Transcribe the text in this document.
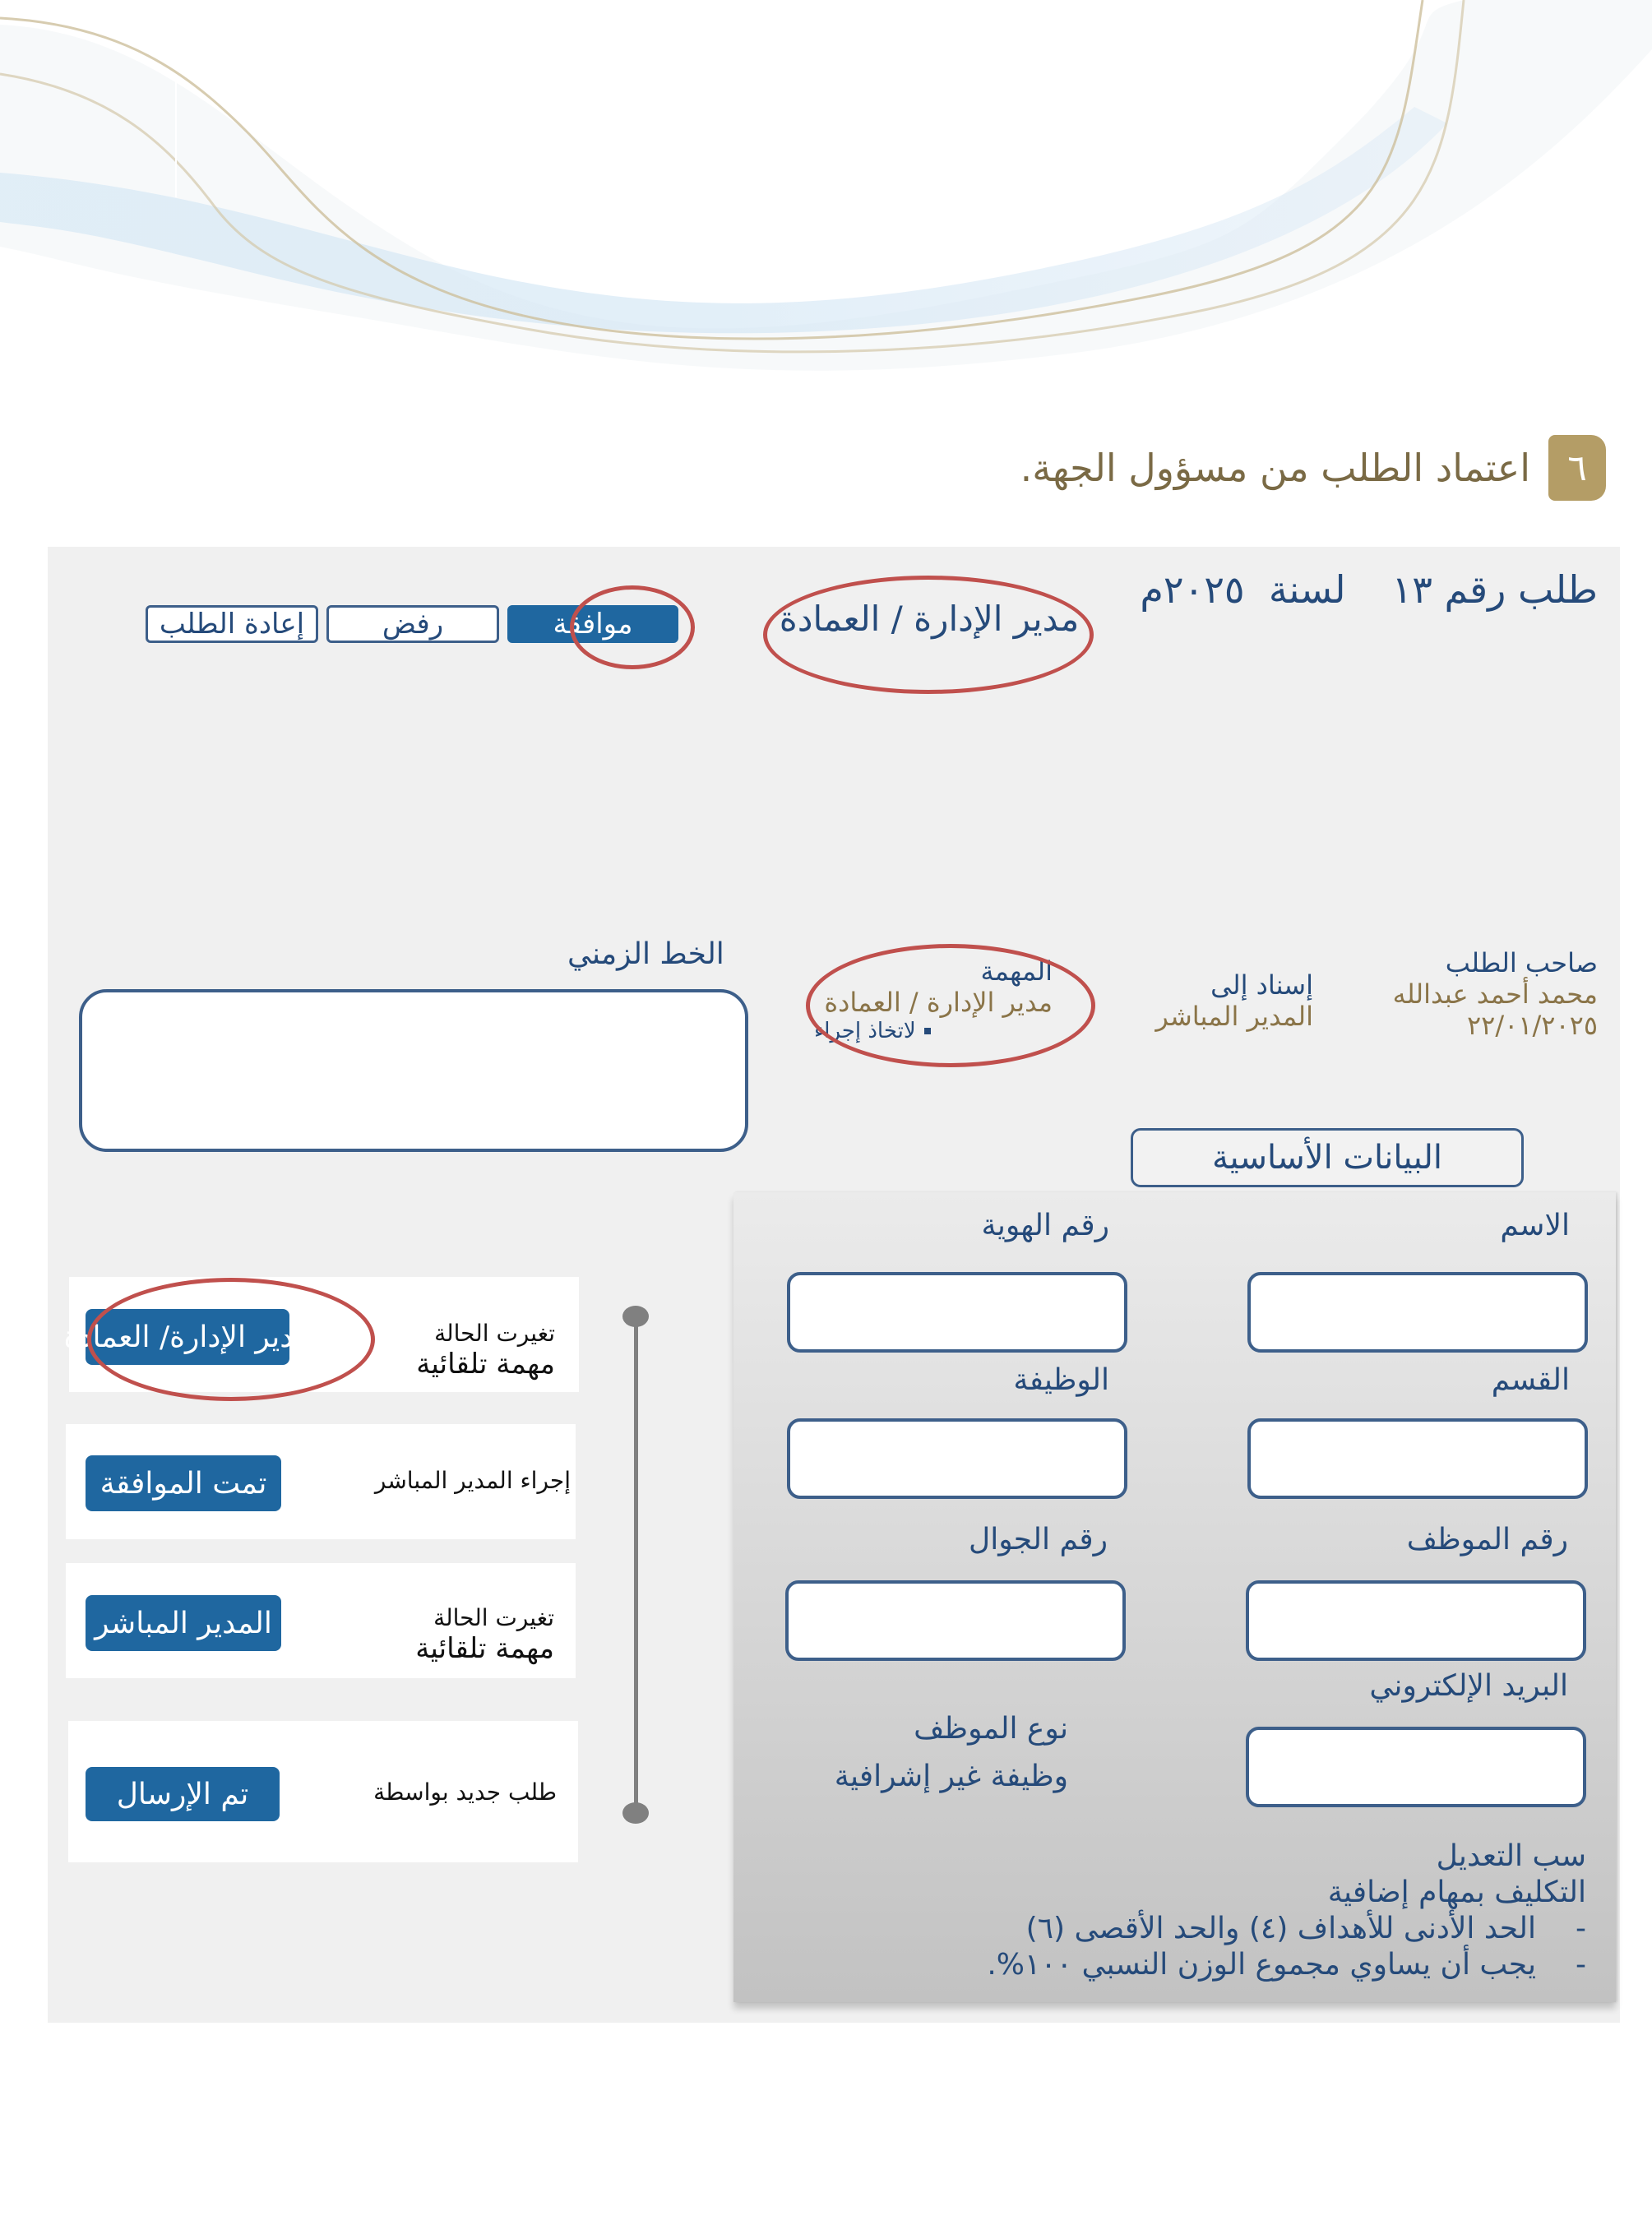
٦
اعتماد الطلب من مسؤول الجهة.
طلب رقم ١٣
لسنة  ٢٠٢٥م
مدير الإدارة / العمادة
موافقة
رفض
إعادة الطلب
صاحب الطلب
محمد أحمد عبدالله
٢٢/٠١/٢٠٢٥
إسناد إلى
المدير المباشر
المهمة
مدير الإدارة / العمادة
لاتخاذ إجراء
الخط الزمني
البيانات الأساسية
الاسم
رقم الهوية
القسم
الوظيفة
رقم الموظف
رقم الجوال
البريد الإلكتروني
نوع الموظف
وظيفة غير إشرافية
سب التعديل
التكليف بمهام إضافية
-
الحد الأدنى للأهداف (٤) والحد الأقصى (٦)
-
يجب أن يساوي مجموع الوزن النسبي ١٠٠%.
مدير الإدارة/ العمادة	تغيرت الحالة
مهمة تلقائية
تمت الموافقة	إجراء المدير المباشر
المدير المباشر	تغيرت الحالة
مهمة تلقائية
تم الإرسال	طلب جديد بواسطة
